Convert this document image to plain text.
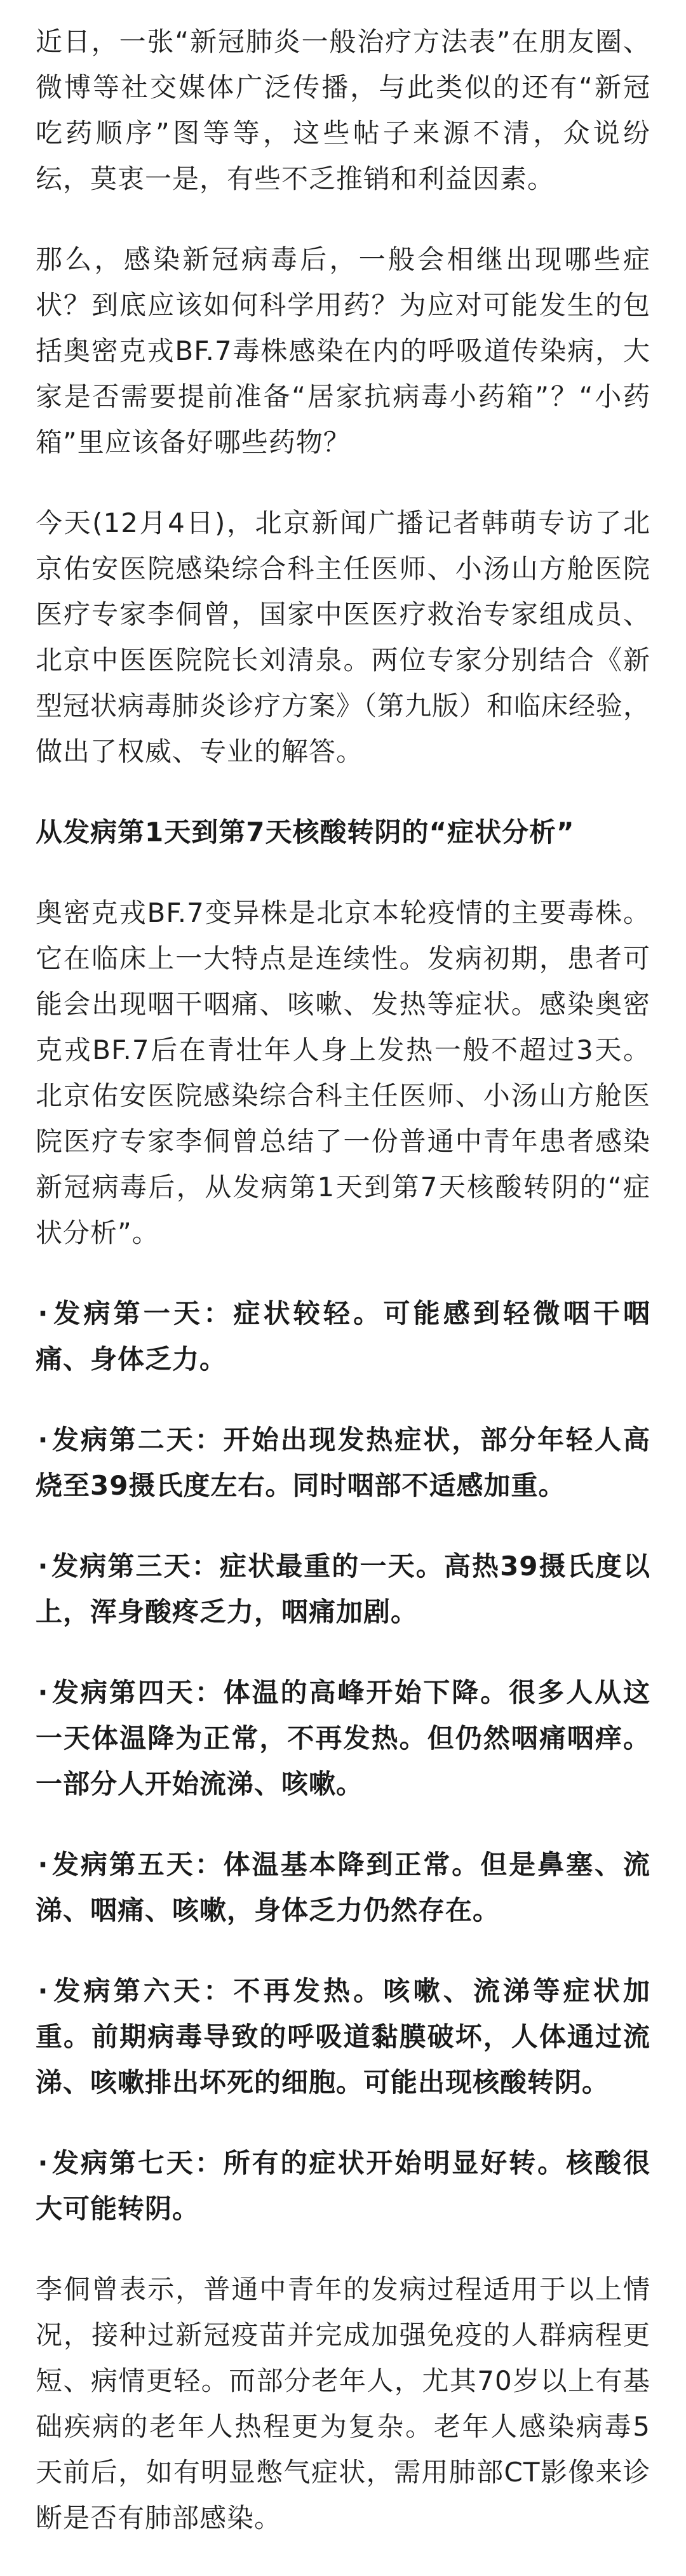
近日，一张“新冠肺炎一般治疗方法表”在朋友圈、微博等社交媒体广泛传播，与此类似的还有“新冠吃药顺序”图等等，这些帖子来源不清，众说纷纭，莫衷一是，有些不乏推销和利益因素。

那么，感染新冠病毒后，一般会相继出现哪些症状？到底应该如何科学用药？为应对可能发生的包括奥密克戎BF.7毒株感染在内的呼吸道传染病，大家是否需要提前准备“居家抗病毒小药箱”？“小药箱”里应该备好哪些药物？

今天(12月4日)，北京新闻广播记者韩萌专访了北京佑安医院感染综合科主任医师、小汤山方舱医院医疗专家李侗曾，国家中医医疗救治专家组成员、北京中医医院院长刘清泉。两位专家分别结合《新型冠状病毒肺炎诊疗方案》（第九版）和临床经验，做出了权威、专业的解答。

从发病第1天到第7天核酸转阴的“症状分析”

奥密克戎BF.7变异株是北京本轮疫情的主要毒株。它在临床上一大特点是连续性。发病初期，患者可能会出现咽干咽痛、咳嗽、发热等症状。感染奥密克戎BF.7后在青壮年人身上发热一般不超过3天。北京佑安医院感染综合科主任医师、小汤山方舱医院医疗专家李侗曾总结了一份普通中青年患者感染新冠病毒后，从发病第1天到第7天核酸转阴的“症状分析”。

·发病第一天：症状较轻。可能感到轻微咽干咽痛、身体乏力。

·发病第二天：开始出现发热症状，部分年轻人高烧至39摄氏度左右。同时咽部不适感加重。

·发病第三天：症状最重的一天。高热39摄氏度以上，浑身酸疼乏力，咽痛加剧。

·发病第四天：体温的高峰开始下降。很多人从这一天体温降为正常，不再发热。但仍然咽痛咽痒。一部分人开始流涕、咳嗽。

·发病第五天：体温基本降到正常。但是鼻塞、流涕、咽痛、咳嗽，身体乏力仍然存在。

·发病第六天：不再发热。咳嗽、流涕等症状加重。前期病毒导致的呼吸道黏膜破坏，人体通过流涕、咳嗽排出坏死的细胞。可能出现核酸转阴。

·发病第七天：所有的症状开始明显好转。核酸很大可能转阴。

李侗曾表示，普通中青年的发病过程适用于以上情况，接种过新冠疫苗并完成加强免疫的人群病程更短、病情更轻。而部分老年人，尤其70岁以上有基础疾病的老年人热程更为复杂。老年人感染病毒5天前后，如有明显憋气症状，需用肺部CT影像来诊断是否有肺部感染。
